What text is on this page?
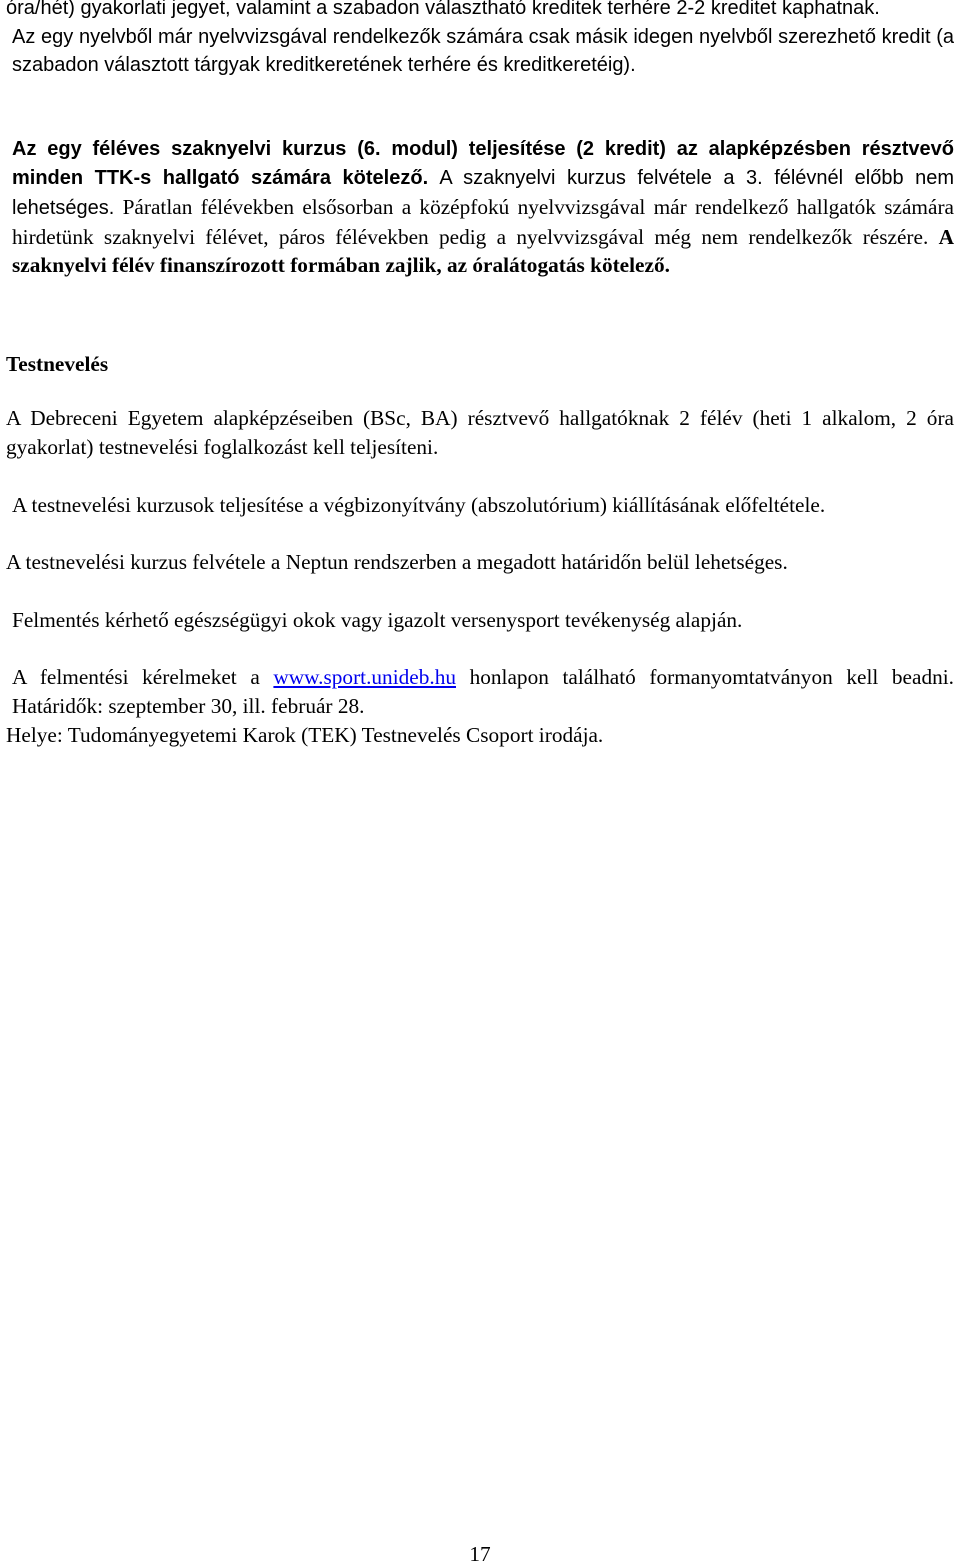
óra/hét) gyakorlati jegyet, valamint a szabadon választható kreditek terhére 2-2 kreditet kaphatnak.

Az egy nyelvből már nyelvvizsgával rendelkezők számára csak másik idegen nyelvből szerezhető kredit (a szabadon választott tárgyak kreditkeretének terhére és kreditkeretéig).

Az egy féléves szaknyelvi kurzus (6. modul) teljesítése (2 kredit) az alapképzésben résztvevő minden TTK-s hallgató számára kötelező. A szaknyelvi kurzus felvétele a 3. félévnél előbb nem lehetséges. Páratlan félévekben elsősorban a középfokú nyelvvizsgával már rendelkező hallgatók számára hirdetünk szaknyelvi félévet, páros félévekben pedig a nyelvvizsgával még nem rendelkezők részére. A szaknyelvi félév finanszírozott formában zajlik, az óralátogatás kötelező.

Testnevelés

A Debreceni Egyetem alapképzéseiben (BSc, BA) résztvevő hallgatóknak 2 félév (heti 1 alkalom, 2 óra gyakorlat) testnevelési foglalkozást kell teljesíteni.

A testnevelési kurzusok teljesítése a végbizonyítvány (abszolutórium) kiállításának előfeltétele.

A testnevelési kurzus felvétele a Neptun rendszerben a megadott határidőn belül lehetséges.

Felmentés kérhető egészségügyi okok vagy igazolt versenysport tevékenység alapján.

A felmentési kérelmeket a www.sport.unideb.hu honlapon található formanyomtatványon kell beadni. Határidők: szeptember 30, ill. február 28.

Helye: Tudományegyetemi Karok (TEK) Testnevelés Csoport irodája.

17
